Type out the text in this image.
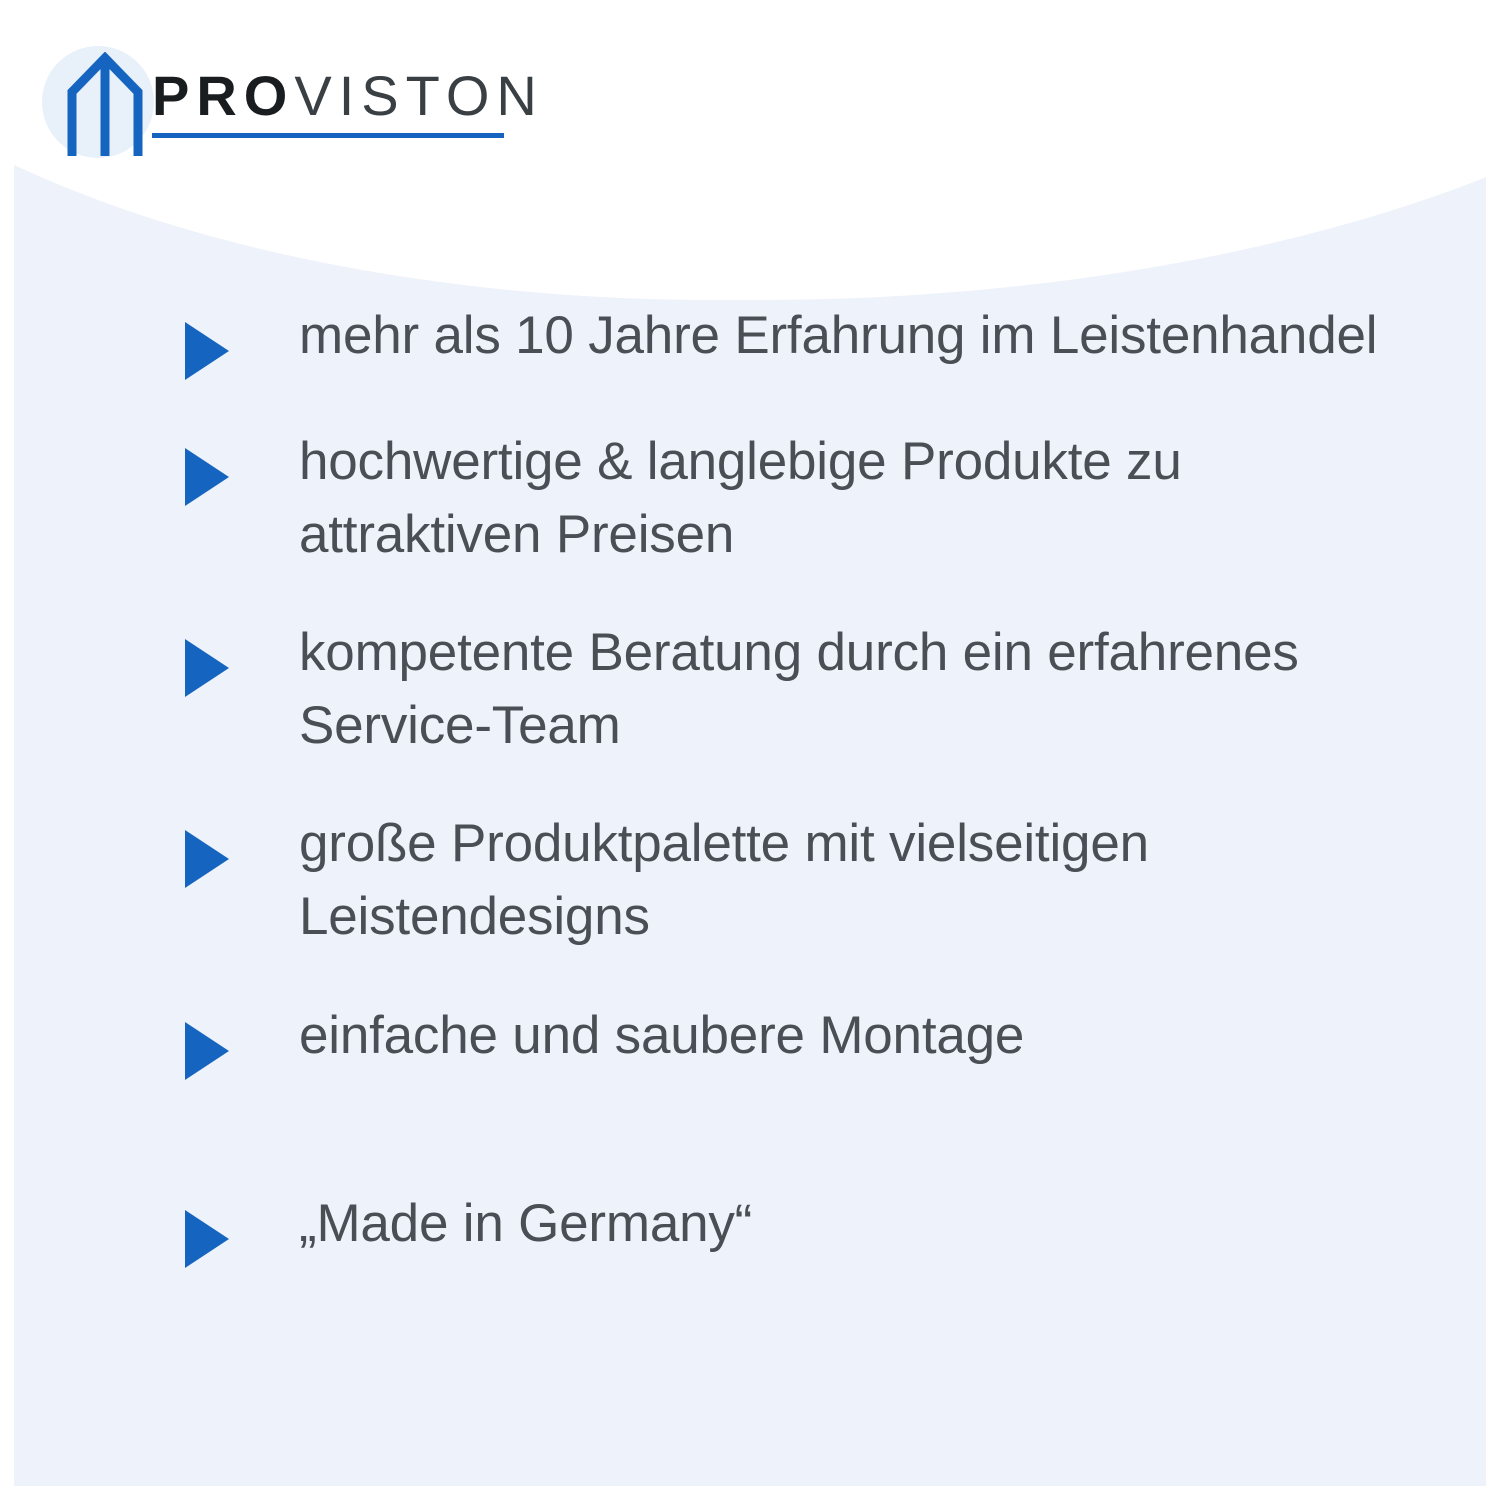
PROVISTON
mehr als 10 Jahre Erfahrung im Leistenhandel
hochwertige & langlebige Produkte zu attraktiven Preisen
kompetente Beratung durch ein erfahrenes Service-Team
große Produktpalette mit vielseitigen Leistendesigns
einfache und saubere Montage
„Made in Germany“
